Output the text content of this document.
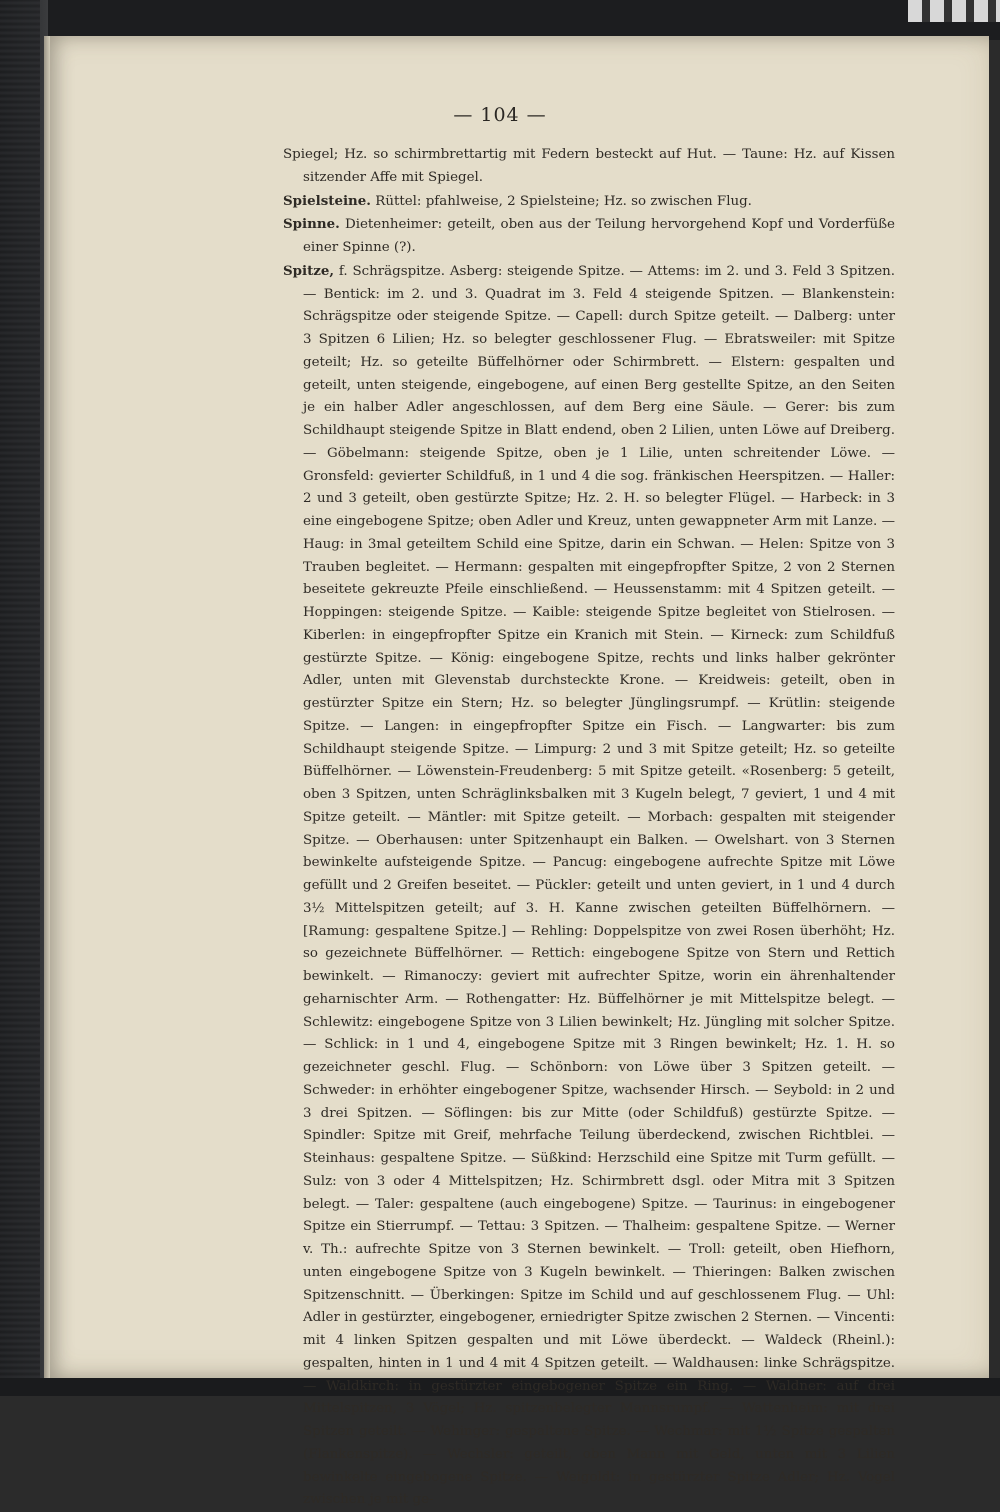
— 104 —

Spiegel; Hz. so schirmbrettartig mit Federn besteckt auf Hut. — Taune: Hz. auf Kissen sitzender Affe mit Spiegel.

Spielsteine. Rüttel: pfahlweise, 2 Spielsteine; Hz. so zwischen Flug.

Spinne. Dietenheimer: geteilt, oben aus der Teilung hervorgehend Kopf und Vorderfüße einer Spinne (?).

Spitze, f. Schrägspitze. Asberg: steigende Spitze. — Attems: im 2. und 3. Feld 3 Spitzen. — Bentick: im 2. und 3. Quadrat im 3. Feld 4 steigende Spitzen. — Blankenstein: Schrägspitze oder steigende Spitze. — Capell: durch Spitze geteilt. — Dalberg: unter 3 Spitzen 6 Lilien; Hz. so belegter geschlossener Flug. — Ebratsweiler: mit Spitze geteilt; Hz. so geteilte Büffelhörner oder Schirmbrett. — Elstern: gespalten und geteilt, unten steigende, eingebogene, auf einen Berg gestellte Spitze, an den Seiten je ein halber Adler angeschlossen, auf dem Berg eine Säule. — Gerer: bis zum Schildhaupt steigende Spitze in Blatt endend, oben 2 Lilien, unten Löwe auf Dreiberg. — Göbelmann: steigende Spitze, oben je 1 Lilie, unten schreitender Löwe. — Gronsfeld: gevierter Schildfuß, in 1 und 4 die sog. fränkischen Heerspitzen. — Haller: 2 und 3 geteilt, oben gestürzte Spitze; Hz. 2. H. so belegter Flügel. — Harbeck: in 3 eine eingebogene Spitze; oben Adler und Kreuz, unten gewappneter Arm mit Lanze. — Haug: in 3mal geteiltem Schild eine Spitze, darin ein Schwan. — Helen: Spitze von 3 Trauben begleitet. — Hermann: gespalten mit eingepfropfter Spitze, 2 von 2 Sternen beseitete gekreuzte Pfeile einschließend. — Heussenstamm: mit 4 Spitzen geteilt. — Hoppingen: steigende Spitze. — Kaible: steigende Spitze begleitet von Stielrosen. — Kiberlen: in eingepfropfter Spitze ein Kranich mit Stein. — Kirneck: zum Schildfuß gestürzte Spitze. — König: eingebogene Spitze, rechts und links halber gekrönter Adler, unten mit Glevenstab durchsteckte Krone. — Kreidweis: geteilt, oben in gestürzter Spitze ein Stern; Hz. so belegter Jünglingsrumpf. — Krütlin: steigende Spitze. — Langen: in eingepfropfter Spitze ein Fisch. — Langwarter: bis zum Schildhaupt steigende Spitze. — Limpurg: 2 und 3 mit Spitze geteilt; Hz. so geteilte Büffelhörner. — Löwenstein-Freudenberg: 5 mit Spitze geteilt. «Rosenberg: 5 geteilt, oben 3 Spitzen, unten Schräglinksbalken mit 3 Kugeln belegt, 7 geviert, 1 und 4 mit Spitze geteilt. — Mäntler: mit Spitze geteilt. — Morbach: gespalten mit steigender Spitze. — Oberhausen: unter Spitzenhaupt ein Balken. — Owelshart. von 3 Sternen bewinkelte aufsteigende Spitze. — Pancug: eingebogene aufrechte Spitze mit Löwe gefüllt und 2 Greifen beseitet. — Pückler: geteilt und unten geviert, in 1 und 4 durch 3½ Mittelspitzen geteilt; auf 3. H. Kanne zwischen geteilten Büffelhörnern. — [Ramung: gespaltene Spitze.] — Rehling: Doppelspitze von zwei Rosen überhöht; Hz. so gezeichnete Büffelhörner. — Rettich: eingebogene Spitze von Stern und Rettich bewinkelt. — Rimanoczy: geviert mit aufrechter Spitze, worin ein ährenhaltender geharnischter Arm. — Rothengatter: Hz. Büffelhörner je mit Mittelspitze belegt. — Schlewitz: eingebogene Spitze von 3 Lilien bewinkelt; Hz. Jüngling mit solcher Spitze. — Schlick: in 1 und 4, eingebogene Spitze mit 3 Ringen bewinkelt; Hz. 1. H. so gezeichneter geschl. Flug. — Schönborn: von Löwe über 3 Spitzen geteilt. — Schweder: in erhöhter eingebogener Spitze, wachsender Hirsch. — Seybold: in 2 und 3 drei Spitzen. — Söflingen: bis zur Mitte (oder Schildfuß) gestürzte Spitze. — Spindler: Spitze mit Greif, mehrfache Teilung überdeckend, zwischen Richtblei. — Steinhaus: gespaltene Spitze. — Süßkind: Herzschild eine Spitze mit Turm gefüllt. — Sulz: von 3 oder 4 Mittelspitzen; Hz. Schirmbrett dsgl. oder Mitra mit 3 Spitzen belegt. — Taler: gespaltene (auch eingebogene) Spitze. — Taurinus: in eingebogener Spitze ein Stierrumpf. — Tettau: 3 Spitzen. — Thalheim: gespaltene Spitze. — Werner v. Th.: aufrechte Spitze von 3 Sternen bewinkelt. — Troll: geteilt, oben Hiefhorn, unten eingebogene Spitze von 3 Kugeln bewinkelt. — Thieringen: Balken zwischen Spitzenschnitt. — Überkingen: Spitze im Schild und auf geschlossenem Flug. — Uhl: Adler in gestürzter, eingebogener, erniedrigter Spitze zwischen 2 Sternen. — Vincenti: mit 4 linken Spitzen gespalten und mit Löwe überdeckt. — Waldeck (Rheinl.): gespalten, hinten in 1 und 4 mit 4 Spitzen geteilt. — Waldhausen: linke Schrägspitze. — Waldkirch: in gestürzter eingebogener Spitze ein Ring. — Waldner: auf drei Mittelspitzen, 3 Vögel; Hz. spitzenbelegter Mannsrumpf. — Wattenheim: mit drei Spitzen geteilt. — Wehinger: gespaltene Spitze. — Wechmar: mit 1½ Spitze gespalten (Flankenspitze). — Wechsler: geteilt, oben Mann mit Geld, unten mit 3 Lilien bewinkelte eingebogene Spitze. — Weigoldt: in gestürzter Spitze Adler; Hz. Vogel zwischen je mit ge-
